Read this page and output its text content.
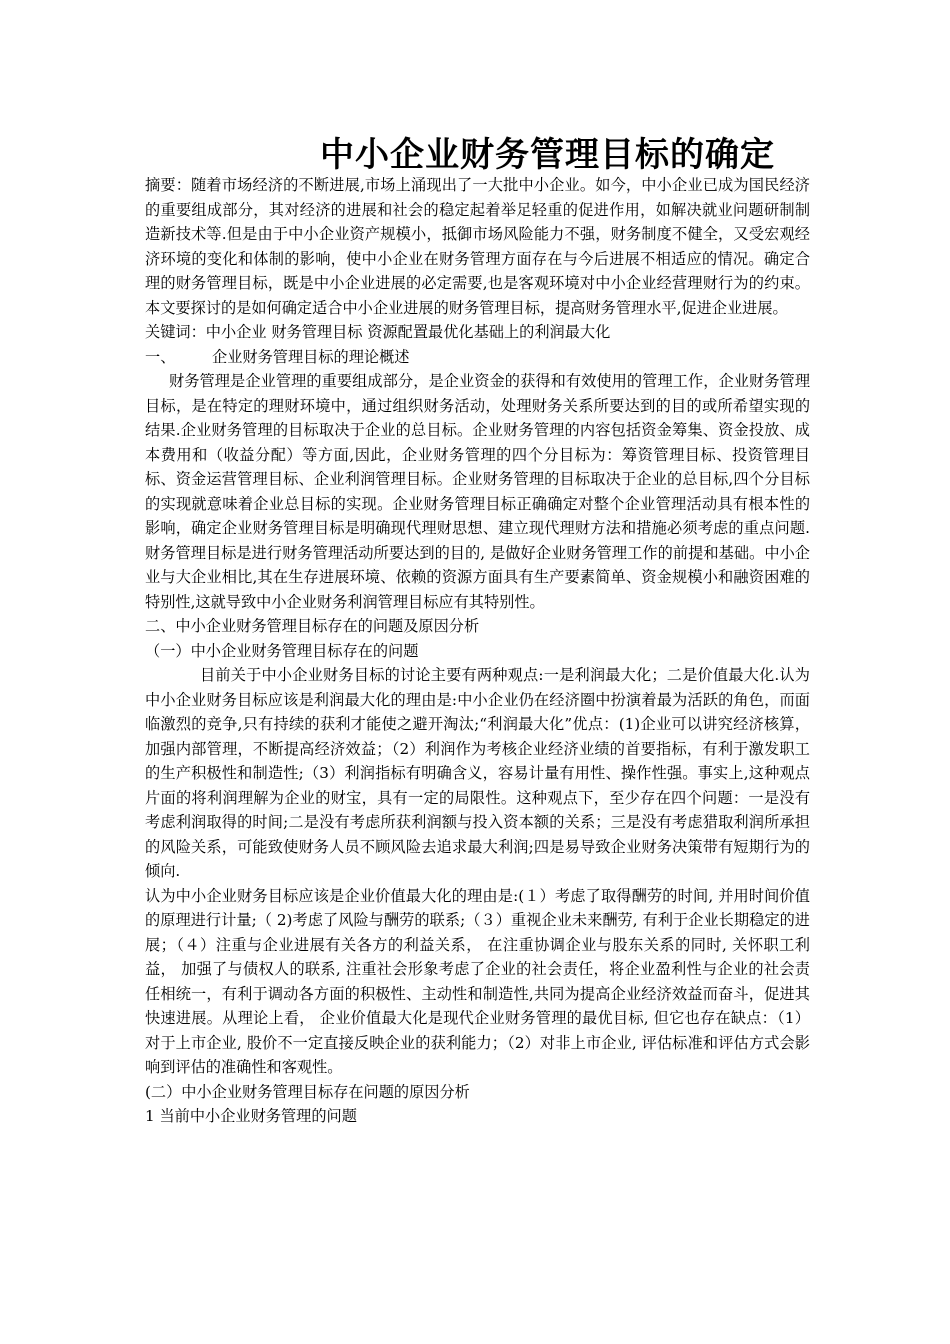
中小企业财务管理目标的确定

摘要：随着市场经济的不断进展,市场上涌现出了一大批中小企业。如今，中小企业已成为国民经济的重要组成部分，其对经济的进展和社会的稳定起着举足轻重的促进作用，如解决就业问题研制制造新技术等.但是由于中小企业资产规模小，抵御市场风险能力不强，财务制度不健全，又受宏观经济环境的变化和体制的影响，使中小企业在财务管理方面存在与今后进展不相适应的情况。确定合理的财务管理目标，既是中小企业进展的必定需要,也是客观环境对中小企业经营理财行为的约束。本文要探讨的是如何确定适合中小企业进展的财务管理目标，提高财务管理水平,促进企业进展。

关键词：中小企业 财务管理目标 资源配置最优化基础上的利润最大化

一、 企业财务管理目标的理论概述

财务管理是企业管理的重要组成部分，是企业资金的获得和有效使用的管理工作，企业财务管理目标，是在特定的理财环境中，通过组织财务活动，处理财务关系所要达到的目的或所希望实现的结果.企业财务管理的目标取决于企业的总目标。企业财务管理的内容包括资金筹集、资金投放、成本费用和（收益分配）等方面,因此，企业财务管理的四个分目标为：筹资管理目标、投资管理目标、资金运营管理目标、企业利润管理目标。企业财务管理的目标取决于企业的总目标,四个分目标的实现就意味着企业总目标的实现。企业财务管理目标正确确定对整个企业管理活动具有根本性的影响，确定企业财务管理目标是明确现代理财思想、建立现代理财方法和措施必须考虑的重点问题.财务管理目标是进行财务管理活动所要达到的目的, 是做好企业财务管理工作的前提和基础。中小企业与大企业相比,其在生存进展环境、依赖的资源方面具有生产要素简单、资金规模小和融资困难的特别性,这就导致中小企业财务利润管理目标应有其特别性。

二、中小企业财务管理目标存在的问题及原因分析

（一）中小企业财务管理目标存在的问题

目前关于中小企业财务目标的讨论主要有两种观点:一是利润最大化；二是价值最大化.认为中小企业财务目标应该是利润最大化的理由是:中小企业仍在经济圈中扮演着最为活跃的角色，而面临激烈的竞争,只有持续的获利才能使之避开淘汰;“利润最大化”优点：(1)企业可以讲究经济核算，加强内部管理，不断提高经济效益；（2）利润作为考核企业经济业绩的首要指标，有利于激发职工的生产积极性和制造性;（3）利润指标有明确含义，容易计量有用性、操作性强。事实上,这种观点片面的将利润理解为企业的财宝，具有一定的局限性。这种观点下，至少存在四个问题：一是没有考虑利润取得的时间;二是没有考虑所获利润额与投入资本额的关系；三是没有考虑猎取利润所承担的风险关系，可能致使财务人员不顾风险去追求最大利润;四是易导致企业财务决策带有短期行为的倾向.

认为中小企业财务目标应该是企业价值最大化的理由是:(１）考虑了取得酬劳的时间, 并用时间价值的原理进行计量;（ 2)考虑了风险与酬劳的联系;（３）重视企业未来酬劳, 有利于企业长期稳定的进展；（４）注重与企业进展有关各方的利益关系， 在注重协调企业与股东关系的同时, 关怀职工利益， 加强了与债权人的联系, 注重社会形象考虑了企业的社会责任，将企业盈利性与企业的社会责任相统一，有利于调动各方面的积极性、主动性和制造性,共同为提高企业经济效益而奋斗，促进其快速进展。从理论上看， 企业价值最大化是现代企业财务管理的最优目标, 但它也存在缺点：（1）对于上市企业, 股价不一定直接反映企业的获利能力；（2）对非上市企业, 评估标准和评估方式会影响到评估的准确性和客观性。

(二）中小企业财务管理目标存在问题的原因分析

1 当前中小企业财务管理的问题
